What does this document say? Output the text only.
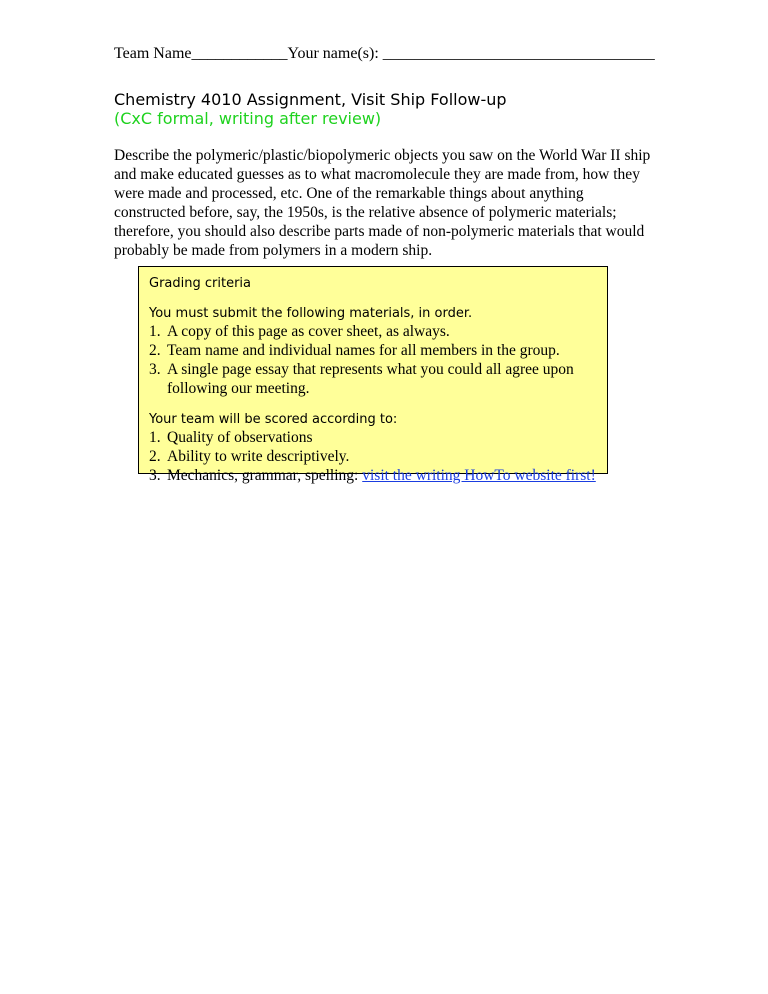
Team Name____________Your name(s): __________________________________
Chemistry 4010 Assignment, Visit Ship Follow-up
(CxC formal, writing after review)
Describe the polymeric/plastic/biopolymeric objects you saw on the World War II ship and make educated guesses as to what macromolecule they are made from, how they were made and processed, etc. One of the remarkable things about anything constructed before, say, the 1950s, is the relative absence of polymeric materials; therefore, you should also describe parts made of non-polymeric materials that would probably be made from polymers in a modern ship.
Grading criteria
You must submit the following materials, in order.
1. A copy of this page as cover sheet, as always.
2. Team name and individual names for all members in the group.
3. A single page essay that represents what you could all agree upon following our meeting.
Your team will be scored according to:
1. Quality of observations
2. Ability to write descriptively.
3. Mechanics, grammar, spelling: visit the writing HowTo website first!
